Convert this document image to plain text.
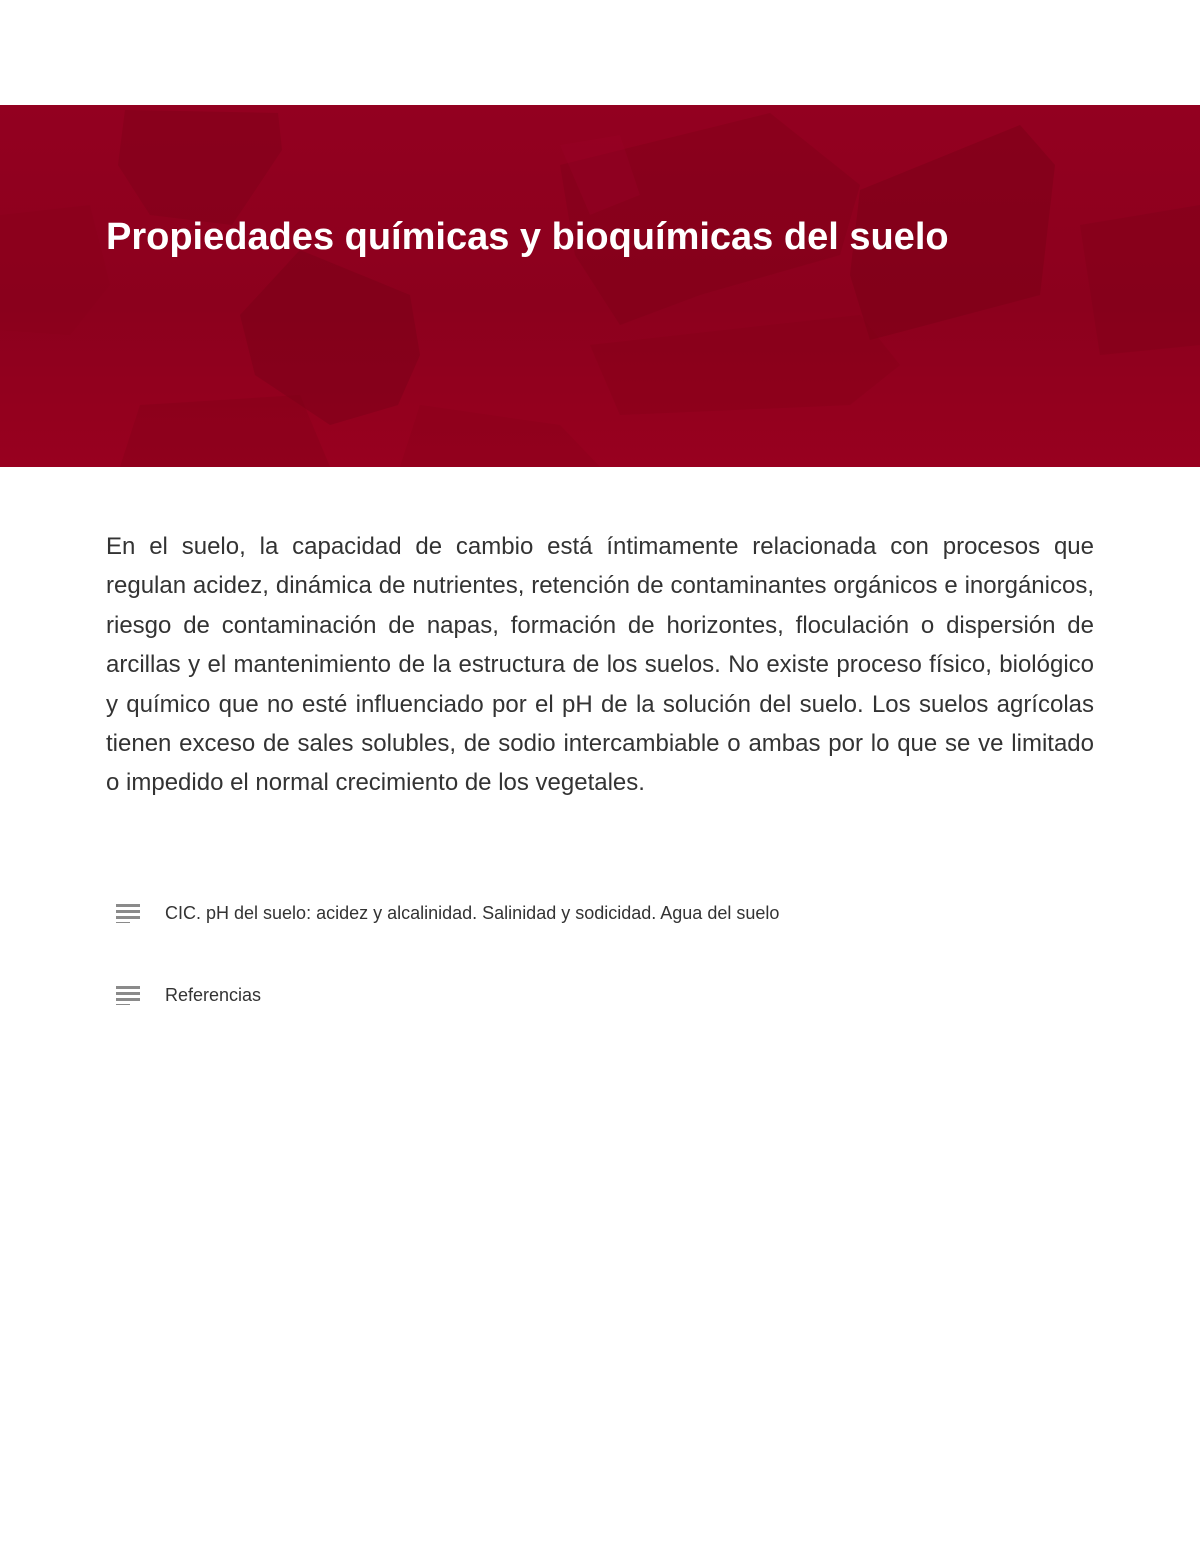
Propiedades químicas y bioquímicas del suelo

En el suelo, la capacidad de cambio está íntimamente relacionada con procesos que regulan acidez, dinámica de nutrientes, retención de contaminantes orgánicos e inorgánicos, riesgo de contaminación de napas, formación de horizontes, floculación o dispersión de arcillas y el mantenimiento de la estructura de los suelos. No existe proceso físico, biológico y químico que no esté influenciado por el pH de la solución del suelo. Los suelos agrícolas tienen exceso de sales solubles, de sodio intercambiable o ambas por lo que se ve limitado o impedido el normal crecimiento de los vegetales.

CIC. pH del suelo: acidez y alcalinidad. Salinidad y sodicidad. Agua del suelo
Referencias
